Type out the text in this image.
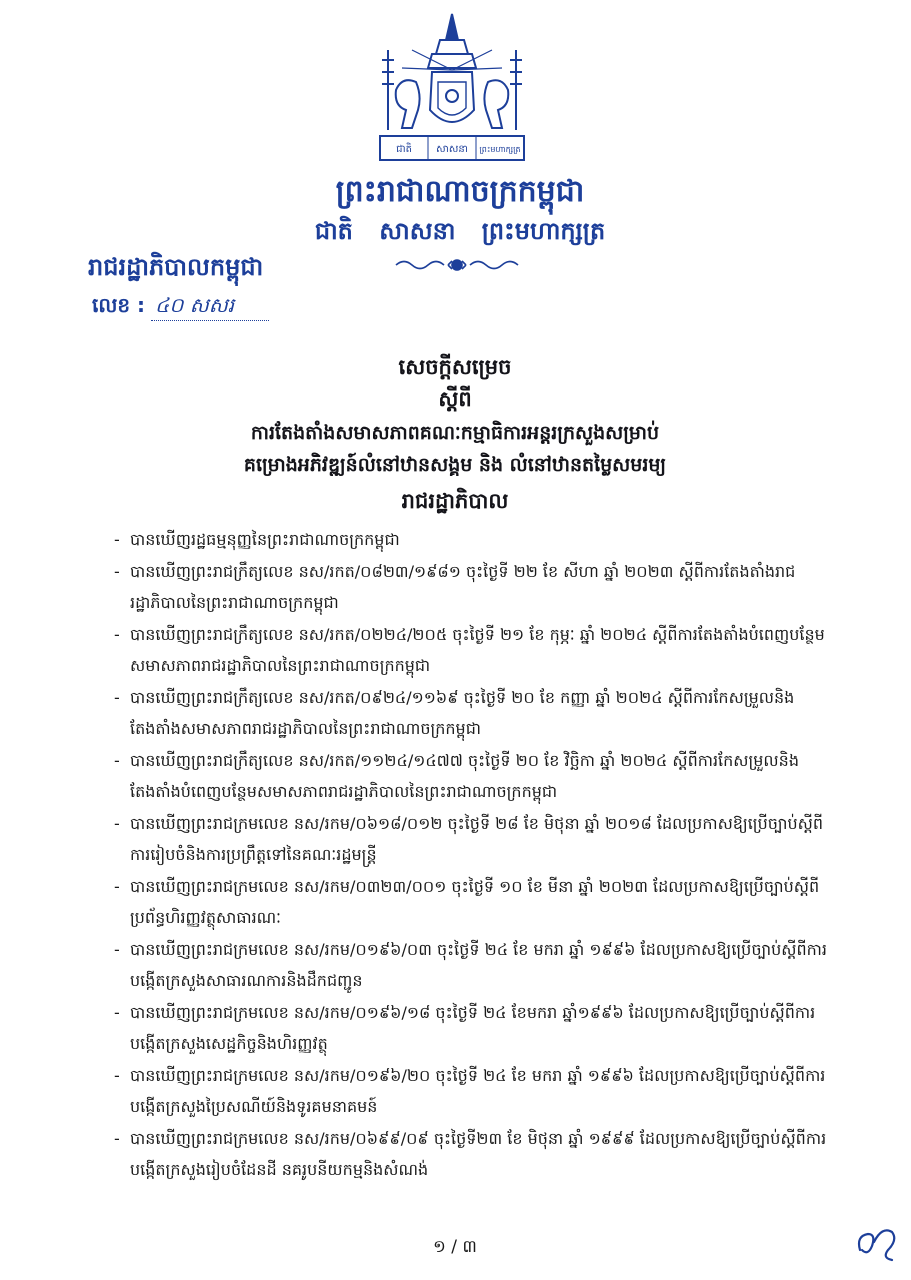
ជាតិ សាសនា ព្រះមហាក្សត្រ
ព្រះរាជាណាចក្រកម្ពុជា
ជាតិ សាសនា ព្រះមហាក្សត្រ
រាជរដ្ឋាភិបាលកម្ពុជា
លេខ : ៤០ សសរ
សេចក្ដីសម្រេច
ស្ដីពី
ការតែងតាំងសមាសភាពគណៈកម្មាធិការអន្តរក្រសួងសម្រាប់
គម្រោងអភិវឌ្ឍន៍លំនៅឋានសង្គម និង លំនៅឋានតម្លៃសមរម្យ
រាជរដ្ឋាភិបាល
- បានឃើញរដ្ឋធម្មនុញ្ញនៃព្រះរាជាណាចក្រកម្ពុជា
- បានឃើញព្រះរាជក្រឹត្យលេខ នស/រកត/០៨២៣/១៩៨១ ចុះថ្ងៃទី ២២ ខែ សីហា ឆ្នាំ ២០២៣ ស្ដីពីការតែងតាំងរាជរដ្ឋាភិបាលនៃព្រះរាជាណាចក្រកម្ពុជា
- បានឃើញព្រះរាជក្រឹត្យលេខ នស/រកត/០២២៤/២០៥ ចុះថ្ងៃទី ២១ ខែ កុម្ភៈ ឆ្នាំ ២០២៤ ស្ដីពីការតែងតាំងបំពេញបន្ថែមសមាសភាពរាជរដ្ឋាភិបាលនៃព្រះរាជាណាចក្រកម្ពុជា
- បានឃើញព្រះរាជក្រឹត្យលេខ នស/រកត/០៩២៤/១១៦៩ ចុះថ្ងៃទី ២០ ខែ កញ្ញា ឆ្នាំ ២០២៤ ស្ដីពីការកែសម្រួលនិងតែងតាំងសមាសភាពរាជរដ្ឋាភិបាលនៃព្រះរាជាណាចក្រកម្ពុជា
- បានឃើញព្រះរាជក្រឹត្យលេខ នស/រកត/១១២៤/១៤៧៧ ចុះថ្ងៃទី ២០ ខែ វិច្ឆិកា ឆ្នាំ ២០២៤ ស្ដីពីការកែសម្រួលនិងតែងតាំងបំពេញបន្ថែមសមាសភាពរាជរដ្ឋាភិបាលនៃព្រះរាជាណាចក្រកម្ពុជា
- បានឃើញព្រះរាជក្រមលេខ នស/រកម/០៦១៨/០១២ ចុះថ្ងៃទី ២៨ ខែ មិថុនា ឆ្នាំ ២០១៨ ដែលប្រកាសឱ្យប្រើច្បាប់ស្ដីពីការរៀបចំនិងការប្រព្រឹត្តទៅនៃគណៈរដ្ឋមន្ត្រី
- បានឃើញព្រះរាជក្រមលេខ នស/រកម/០៣២៣/០០១ ចុះថ្ងៃទី ១០ ខែ មីនា ឆ្នាំ ២០២៣ ដែលប្រកាសឱ្យប្រើច្បាប់ស្ដីពីប្រព័ន្ធហិរញ្ញវត្ថុសាធារណៈ
- បានឃើញព្រះរាជក្រមលេខ នស/រកម/០១៩៦/០៣ ចុះថ្ងៃទី ២៤ ខែ មករា ឆ្នាំ ១៩៩៦ ដែលប្រកាសឱ្យប្រើច្បាប់ស្ដីពីការបង្កើតក្រសួងសាធារណការនិងដឹកជញ្ជូន
- បានឃើញព្រះរាជក្រមលេខ នស/រកម/០១៩៦/១៨ ចុះថ្ងៃទី ២៤ ខែមករា ឆ្នាំ១៩៩៦ ដែលប្រកាសឱ្យប្រើច្បាប់ស្ដីពីការបង្កើតក្រសួងសេដ្ឋកិច្ចនិងហិរញ្ញវត្ថុ
- បានឃើញព្រះរាជក្រមលេខ នស/រកម/០១៩៦/២០ ចុះថ្ងៃទី ២៤ ខែ មករា ឆ្នាំ ១៩៩៦ ដែលប្រកាសឱ្យប្រើច្បាប់ស្ដីពីការបង្កើតក្រសួងប្រៃសណីយ៍និងទូរគមនាគមន៍
- បានឃើញព្រះរាជក្រមលេខ នស/រកម/០៦៩៩/០៩ ចុះថ្ងៃទី២៣ ខែ មិថុនា ឆ្នាំ ១៩៩៩ ដែលប្រកាសឱ្យប្រើច្បាប់ស្ដីពីការបង្កើតក្រសួងរៀបចំដែនដី នគរូបនីយកម្មនិងសំណង់
១ / ៣
